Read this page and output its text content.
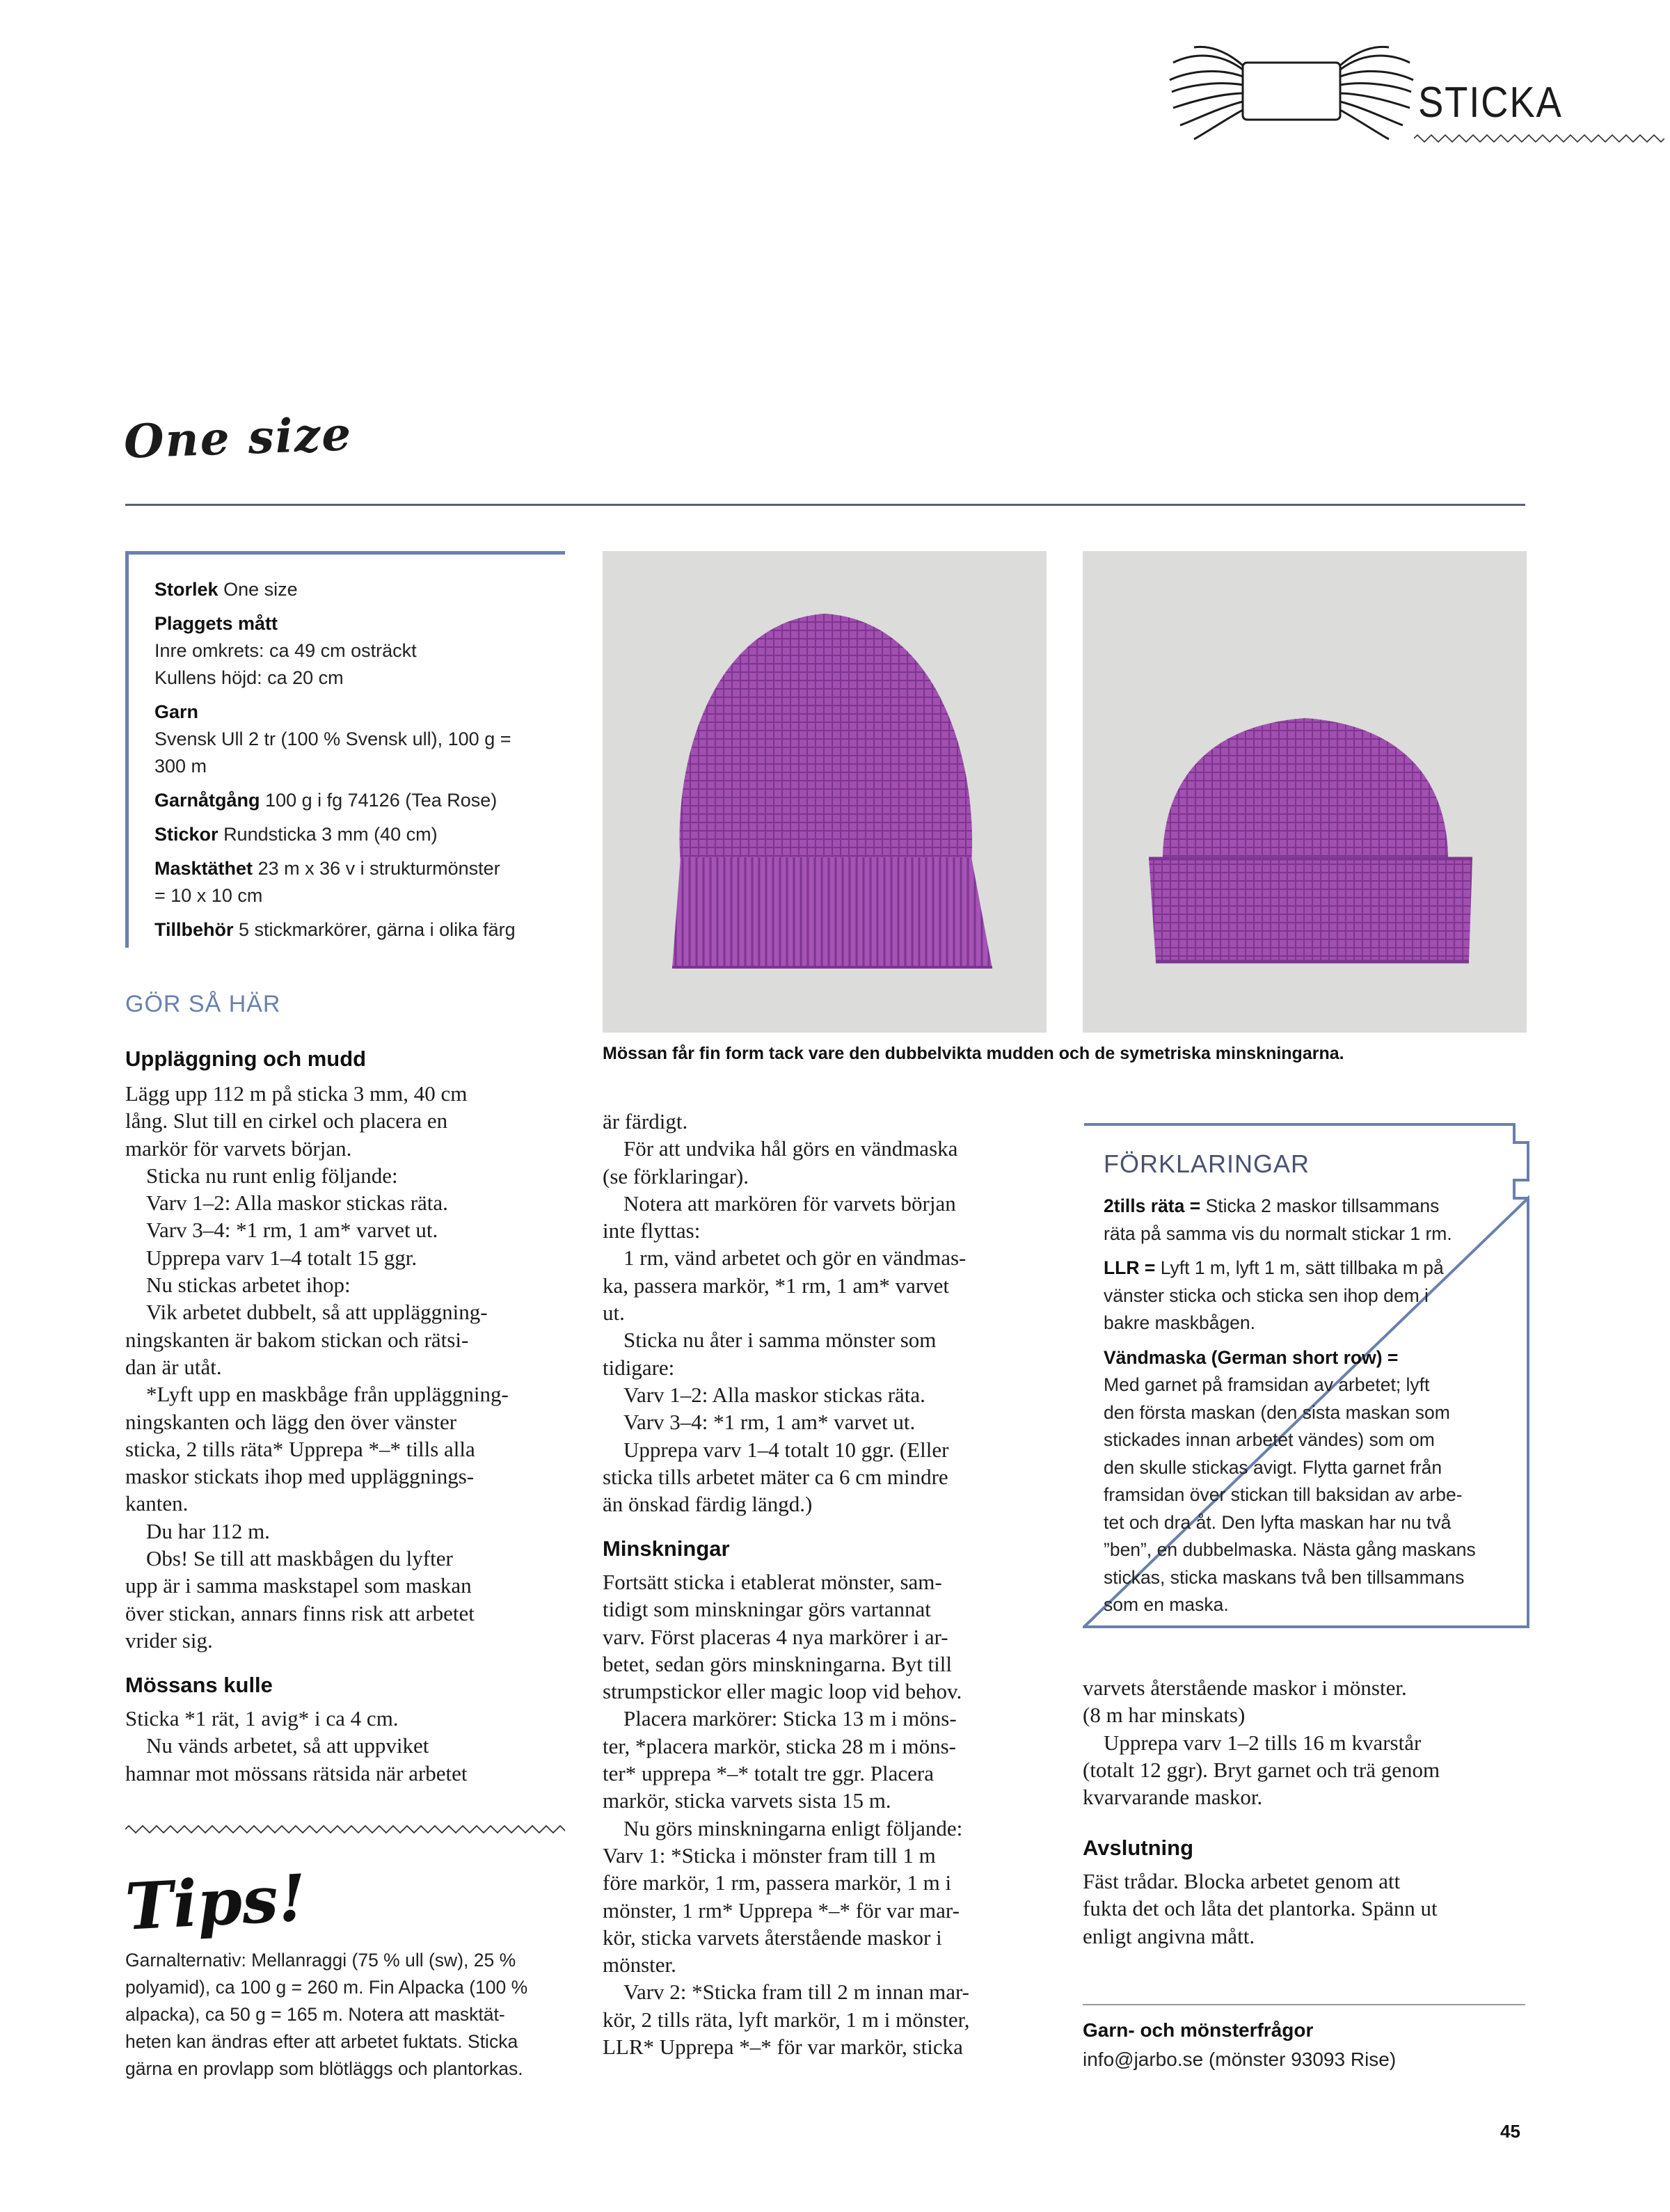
STICKA
One size

Storlek One size

Plaggets mått
Inre omkrets: ca 49 cm osträckt
Kullens höjd: ca 20 cm

Garn
Svensk Ull 2 tr (100 % Svensk ull), 100 g =
300 m

Garnåtgång 100 g i fg 74126 (Tea Rose)

Stickor Rundsticka 3 mm (40 cm)

Masktäthet 23 m x 36 v i strukturmönster
= 10 x 10 cm

Tillbehör 5 stickmarkörer, gärna i olika färg

Mössan får fin form tack vare den dubbelvikta mudden och de symetriska minskningarna.
GÖR SÅ HÄR
Uppläggning och mudd

Lägg upp 112 m på sticka 3 mm, 40 cm

lång. Slut till en cirkel och placera en

markör för varvets början.

Sticka nu runt enlig följande:

Varv 1–2: Alla maskor stickas räta.

Varv 3–4: *1 rm, 1 am* varvet ut.

Upprepa varv 1–4 totalt 15 ggr.

Nu stickas arbetet ihop:

Vik arbetet dubbelt, så att uppläggning-

ningskanten är bakom stickan och rätsi-

dan är utåt.

*Lyft upp en maskbåge från uppläggning-

ningskanten och lägg den över vänster

sticka, 2 tills räta* Upprepa *–* tills alla

maskor stickats ihop med uppläggnings-

kanten.

Du har 112 m.

Obs! Se till att maskbågen du lyfter

upp är i samma maskstapel som maskan

över stickan, annars finns risk att arbetet

vrider sig.

Mössans kulle

Sticka *1 rät, 1 avig* i ca 4 cm.

Nu vänds arbetet, så att uppviket

hamnar mot mössans rätsida när arbetet

är färdigt.

För att undvika hål görs en vändmaska

(se förklaringar).

Notera att markören för varvets början

inte flyttas:

1 rm, vänd arbetet och gör en vändmas-

ka, passera markör, *1 rm, 1 am* varvet

ut.

Sticka nu åter i samma mönster som

tidigare:

Varv 1–2: Alla maskor stickas räta.

Varv 3–4: *1 rm, 1 am* varvet ut.

Upprepa varv 1–4 totalt 10 ggr. (Eller

sticka tills arbetet mäter ca 6 cm mindre

än önskad färdig längd.)

Minskningar

Fortsätt sticka i etablerat mönster, sam-

tidigt som minskningar görs vartannat

varv. Först placeras 4 nya markörer i ar-

betet, sedan görs minskningarna. Byt till

strumpstickor eller magic loop vid behov.

Placera markörer: Sticka 13 m i möns-

ter, *placera markör, sticka 28 m i möns-

ter* upprepa *–* totalt tre ggr. Placera

markör, sticka varvets sista 15 m.

Nu görs minskningarna enligt följande:

Varv 1: *Sticka i mönster fram till 1 m

före markör, 1 rm, passera markör, 1 m i

mönster, 1 rm* Upprepa *–* för var mar-

kör, sticka varvets återstående maskor i

mönster.

Varv 2: *Sticka fram till 2 m innan mar-

kör, 2 tills räta, lyft markör, 1 m i mönster,

LLR* Upprepa *–* för var markör, sticka

FÖRKLARINGAR

2tills räta = Sticka 2 maskor tillsammans
räta på samma vis du normalt stickar 1 rm.

LLR = Lyft 1 m, lyft 1 m, sätt tillbaka m på
vänster sticka och sticka sen ihop dem i
bakre maskbågen.

Vändmaska (German short row) =
Med garnet på framsidan av arbetet; lyft
den första maskan (den sista maskan som
stickades innan arbetet vändes) som om
den skulle stickas avigt. Flytta garnet från
framsidan över stickan till baksidan av arbe-
tet och dra åt. Den lyfta maskan har nu två
”ben”, en dubbelmaska. Nästa gång maskans
stickas, sticka maskans två ben tillsammans
som en maska.

varvets återstående maskor i mönster.

(8 m har minskats)

Upprepa varv 1–2 tills 16 m kvarstår

(totalt 12 ggr). Bryt garnet och trä genom

kvarvarande maskor.

Avslutning

Fäst trådar. Blocka arbetet genom att

fukta det och låta det plantorka. Spänn ut

enligt angivna mått.

Garn- och mönsterfrågor
info@jarbo.se (mönster 93093 Rise)
Tips!
Garnalternativ: Mellanraggi (75 % ull (sw), 25 %
polyamid), ca 100 g = 260 m. Fin Alpacka (100 %
alpacka), ca 50 g = 165 m. Notera att masktät-
heten kan ändras efter att arbetet fuktats. Sticka
gärna en provlapp som blötläggs och plantorkas.
45
